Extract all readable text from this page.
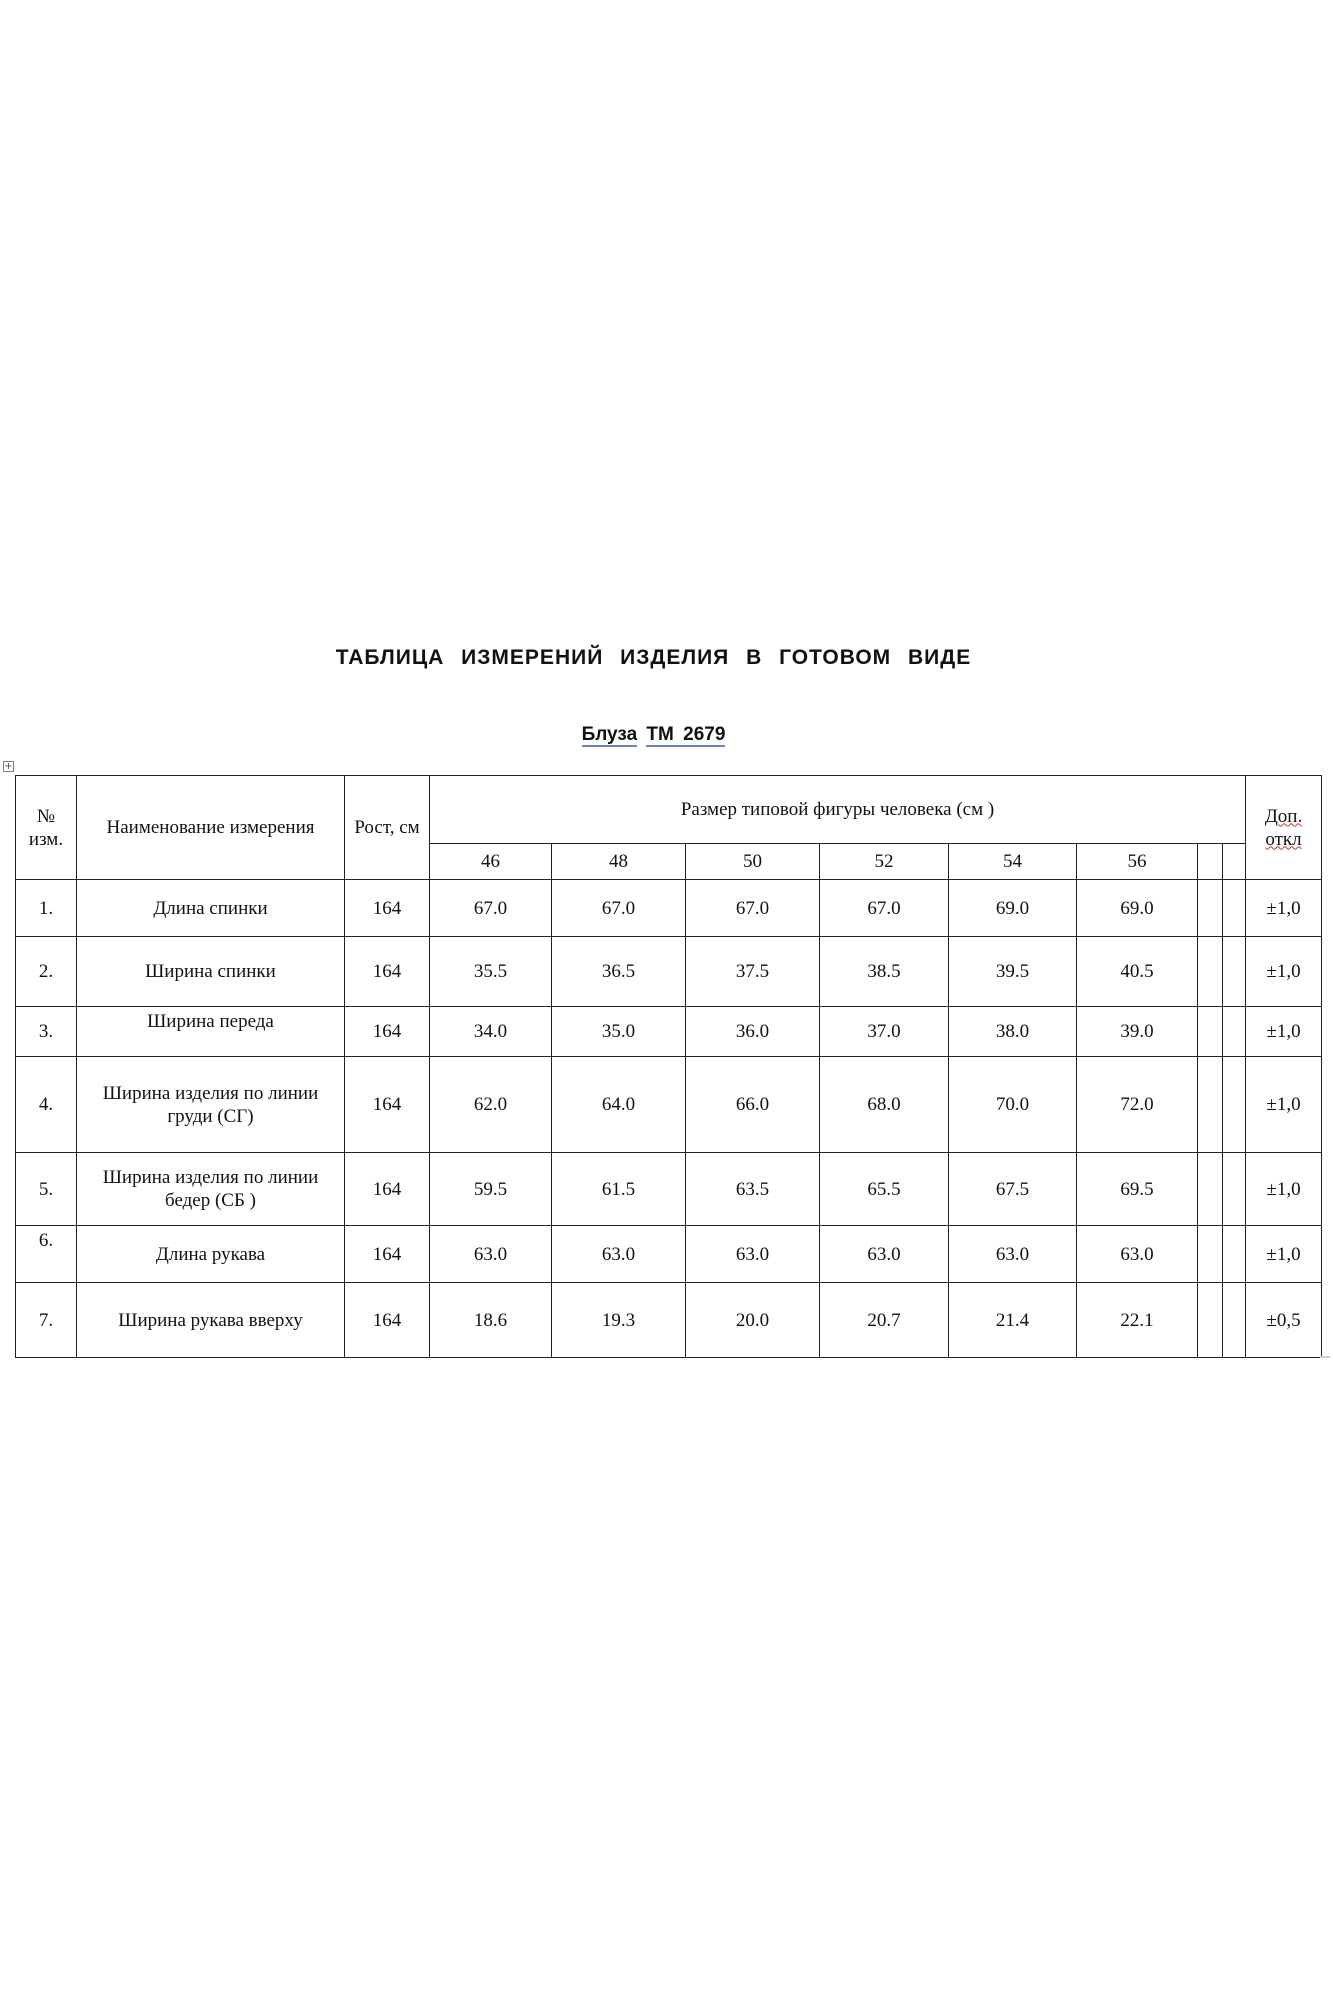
ТАБЛИЦА ИЗМЕРЕНИЙ ИЗДЕЛИЯ В ГОТОВОМ ВИДЕ
Блуза ТМ 2679
+
№ изм.	Наименование измерения	Рост, см	Размер типовой фигуры человека (см )								Доп. откл
			46	48	50	52	54	56			
1.	Длина спинки	164	67.0	67.0	67.0	67.0	69.0	69.0			±1,0
2.	Ширина спинки	164	35.5	36.5	37.5	38.5	39.5	40.5			±1,0
3.	Ширина переда	164	34.0	35.0	36.0	37.0	38.0	39.0			±1,0
4.	Ширина изделия по линии груди (СГ)	164	62.0	64.0	66.0	68.0	70.0	72.0			±1,0
5.	Ширина изделия по линии бедер (СБ )	164	59.5	61.5	63.5	65.5	67.5	69.5			±1,0
6.	Длина рукава	164	63.0	63.0	63.0	63.0	63.0	63.0			±1,0
7.	Ширина рукава вверху	164	18.6	19.3	20.0	20.7	21.4	22.1			±0,5
